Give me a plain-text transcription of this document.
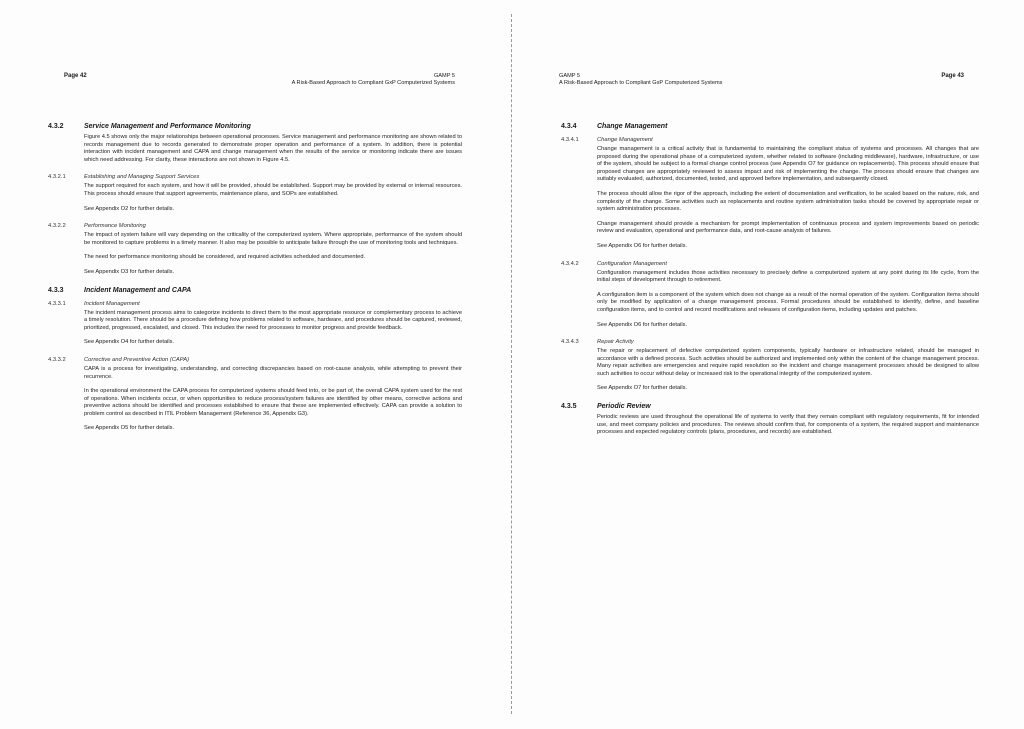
Page 42	GAMP 5
A Risk-Based Approach to Compliant GxP Computerized Systems
4.3.2	Service Management and Performance Monitoring

Figure 4.5 shows only the major relationships between operational processes. Service management and performance monitoring are shown related to records management due to records generated to demonstrate proper operation and performance of a system. In addition, there is potential interaction with incident management and CAPA and change management when the results of the service or monitoring indicate there are issues which need addressing. For clarity, these interactions are not shown in Figure 4.5.

4.3.2.1	Establishing and Managing Support Services

The support required for each system, and how it will be provided, should be established. Support may be provided by external or internal resources. This process should ensure that support agreements, maintenance plans, and SOPs are established.

See Appendix O2 for further details.

4.3.2.2	Performance Monitoring

The impact of system failure will vary depending on the criticality of the computerized system. Where appropriate, performance of the system should be monitored to capture problems in a timely manner. It also may be possible to anticipate failure through the use of monitoring tools and techniques.

The need for performance monitoring should be considered, and required activities scheduled and documented.

See Appendix O3 for further details.

4.3.3	Incident Management and CAPA
4.3.3.1	Incident Management

The incident management process aims to categorize incidents to direct them to the most appropriate resource or complementary process to achieve a timely resolution. There should be a procedure defining how problems related to software, hardware, and procedures should be captured, reviewed, prioritized, progressed, escalated, and closed. This includes the need for processes to monitor progress and provide feedback.

See Appendix O4 for further details.

4.3.3.2	Corrective and Preventive Action (CAPA)

CAPA is a process for investigating, understanding, and correcting discrepancies based on root-cause analysis, while attempting to prevent their recurrence.

In the operational environment the CAPA process for computerized systems should feed into, or be part of, the overall CAPA system used for the rest of operations. When incidents occur, or when opportunities to reduce process/system failures are identified by other means, corrective actions and preventive actions should be identified and processes established to ensure that these are implemented effectively. CAPA can provide a solution to problem control as described in ITIL Problem Management (Reference 36, Appendix G3).

See Appendix O5 for further details.

GAMP 5
A Risk-Based Approach to Compliant GxP Computerized Systems
Page 43
4.3.4	Change Management
4.3.4.1	Change Management

Change management is a critical activity that is fundamental to maintaining the compliant status of systems and processes. All changes that are proposed during the operational phase of a computerized system, whether related to software (including middleware), hardware, infrastructure, or use of the system, should be subject to a formal change control process (see Appendix O7 for guidance on replacements). This process should ensure that proposed changes are appropriately reviewed to assess impact and risk of implementing the change. The process should ensure that changes are suitably evaluated, authorized, documented, tested, and approved before implementation, and subsequently closed.

The process should allow the rigor of the approach, including the extent of documentation and verification, to be scaled based on the nature, risk, and complexity of the change. Some activities such as replacements and routine system administration tasks should be covered by appropriate repair or system administration processes.

Change management should provide a mechanism for prompt implementation of continuous process and system improvements based on periodic review and evaluation, operational and performance data, and root-cause analysis of failures.

See Appendix O6 for further details.

4.3.4.2	Configuration Management

Configuration management includes those activities necessary to precisely define a computerized system at any point during its life cycle, from the initial steps of development through to retirement.

A configuration item is a component of the system which does not change as a result of the normal operation of the system. Configuration items should only be modified by application of a change management process. Formal procedures should be established to identify, define, and baseline configuration items, and to control and record modifications and releases of configuration items, including updates and patches.

See Appendix O6 for further details.

4.3.4.3	Repair Activity

The repair or replacement of defective computerized system components, typically hardware or infrastructure related, should be managed in accordance with a defined process. Such activities should be authorized and implemented only within the content of the change management process. Many repair activities are emergencies and require rapid resolution so the incident and change management processes should be designed to allow such activities to occur without delay or increased risk to the operational integrity of the computerized system.

See Appendix O7 for further details.

4.3.5	Periodic Review

Periodic reviews are used throughout the operational life of systems to verify that they remain compliant with regulatory requirements, fit for intended use, and meet company policies and procedures. The reviews should confirm that, for components of a system, the required support and maintenance processes and expected regulatory controls (plans, procedures, and records) are established.
